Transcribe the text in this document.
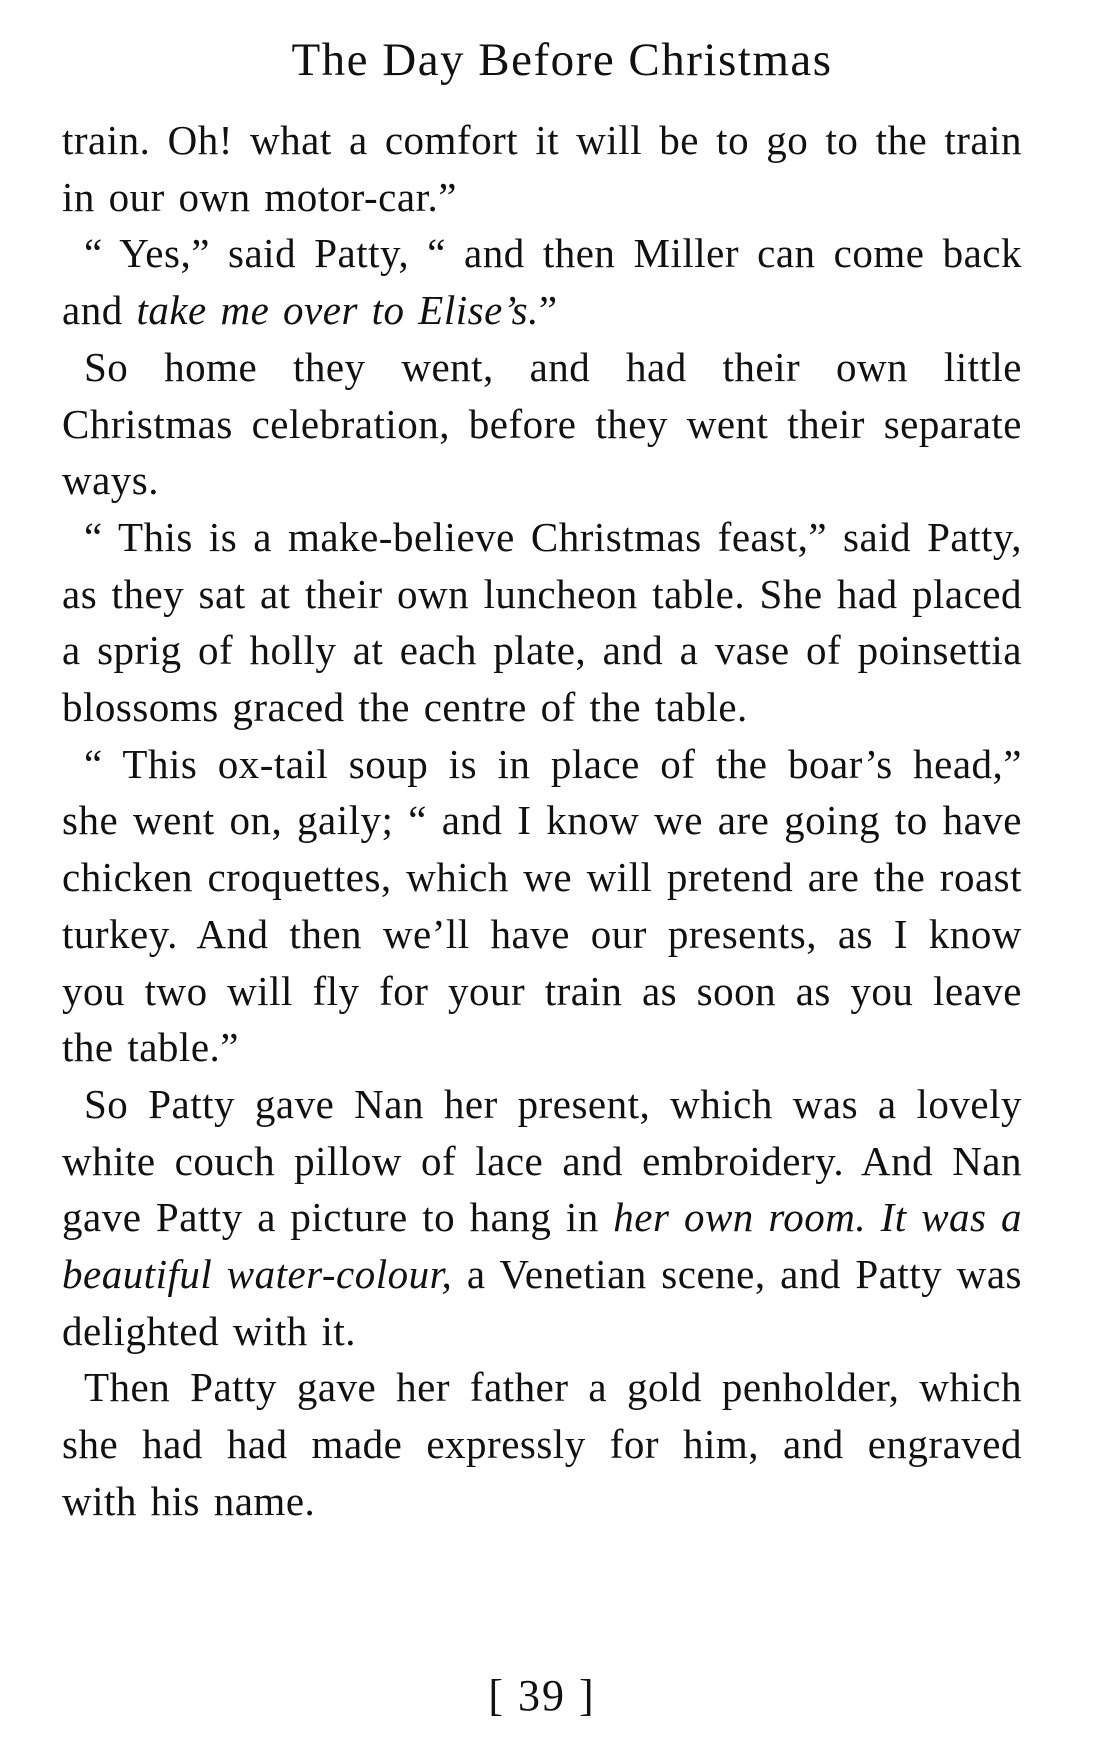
The Day Before Christmas

train. Oh! what a comfort it will be to go to the train in our own motor-car.”

“ Yes,” said Patty, “ and then Miller can come back and take me over to Elise’s.”

So home they went, and had their own little Christmas celebration, before they went their separate ways.

“ This is a make-believe Christmas feast,” said Patty, as they sat at their own luncheon table. She had placed a sprig of holly at each plate, and a vase of poinsettia blossoms graced the centre of the table.

“ This ox-tail soup is in place of the boar’s head,” she went on, gaily; “ and I know we are going to have chicken croquettes, which we will pretend are the roast turkey. And then we’ll have our presents, as I know you two will fly for your train as soon as you leave the table.”

So Patty gave Nan her present, which was a lovely white couch pillow of lace and embroidery. And Nan gave Patty a picture to hang in her own room. It was a beautiful water-colour, a Venetian scene, and Patty was delighted with it.

Then Patty gave her father a gold penholder, which she had had made expressly for him, and engraved with his name.

[ 39 ]
